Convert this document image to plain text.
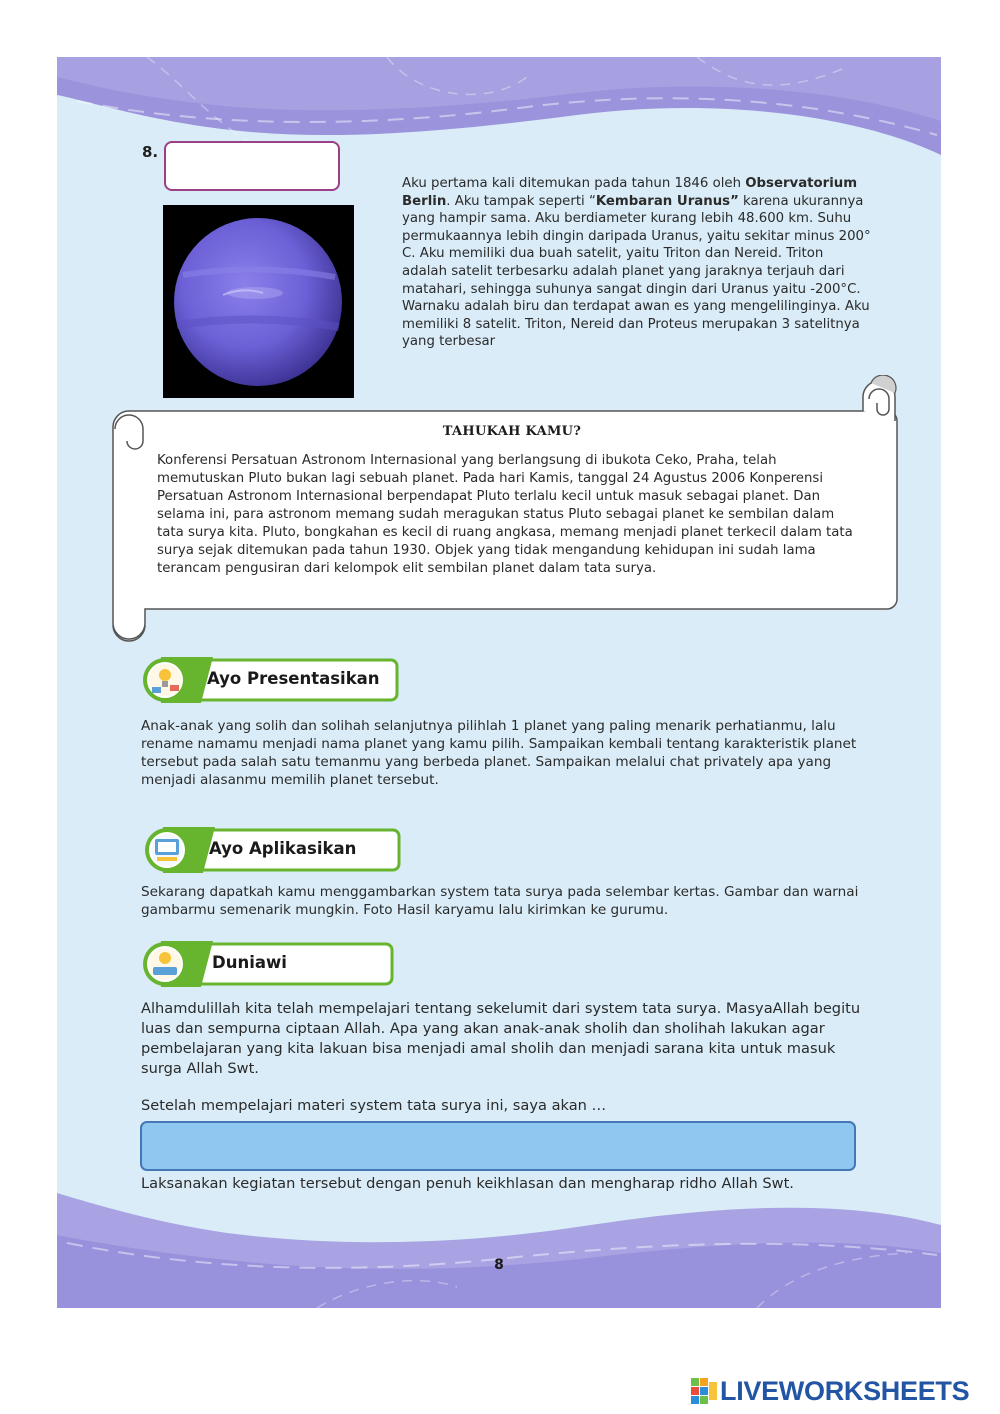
8.

Aku pertama kali ditemukan pada tahun 1846 oleh Observatorium Berlin. Aku tampak seperti “Kembaran Uranus” karena ukurannya yang hampir sama. Aku berdiameter kurang lebih 48.600 km. Suhu permukaannya lebih dingin daripada Uranus, yaitu sekitar minus 200° C. Aku memiliki dua buah satelit, yaitu Triton dan Nereid. Triton adalah satelit terbesarku adalah planet yang jaraknya terjauh dari matahari, sehingga suhunya sangat dingin dari Uranus yaitu -200°C. Warnaku adalah biru dan terdapat awan es yang mengelilinginya. Aku memiliki 8 satelit. Triton, Nereid dan Proteus merupakan 3 satelitnya yang terbesar

TAHUKAH KAMU?
Konferensi Persatuan Astronom Internasional yang berlangsung di ibukota Ceko, Praha, telah memutuskan Pluto bukan lagi sebuah planet. Pada hari Kamis, tanggal 24 Agustus 2006 Konperensi Persatuan Astronom Internasional berpendapat Pluto terlalu kecil untuk masuk sebagai planet. Dan selama ini, para astronom memang sudah meragukan status Pluto sebagai planet ke sembilan dalam tata surya kita. Pluto, bongkahan es kecil di ruang angkasa, memang menjadi planet terkecil dalam tata surya sejak ditemukan pada tahun 1930. Objek yang tidak mengandung kehidupan ini sudah lama terancam pengusiran dari kelompok elit sembilan planet dalam tata surya.
Ayo Presentasikan
Anak-anak yang solih dan solihah selanjutnya pilihlah 1 planet yang paling menarik perhatianmu, lalu rename namamu menjadi nama planet yang kamu pilih. Sampaikan kembali tentang karakteristik planet tersebut pada salah satu temanmu yang berbeda planet. Sampaikan melalui chat privately apa yang menjadi alasanmu memilih planet tersebut.
Ayo Aplikasikan
Sekarang dapatkah kamu menggambarkan system tata surya pada selembar kertas. Gambar dan warnai gambarmu semenarik mungkin. Foto Hasil karyamu lalu kirimkan ke gurumu.
Duniawi
Alhamdulillah kita telah mempelajari tentang sekelumit dari system tata surya. MasyaAllah begitu luas dan sempurna ciptaan Allah. Apa yang akan anak-anak sholih dan sholihah lakukan agar pembelajaran yang kita lakuan bisa menjadi amal sholih dan menjadi sarana kita untuk masuk surga Allah Swt.
Setelah mempelajari materi system tata surya ini, saya akan …
Laksanakan kegiatan tersebut dengan penuh keikhlasan dan mengharap ridho Allah Swt.
8
LIVEWORKSHEETS
